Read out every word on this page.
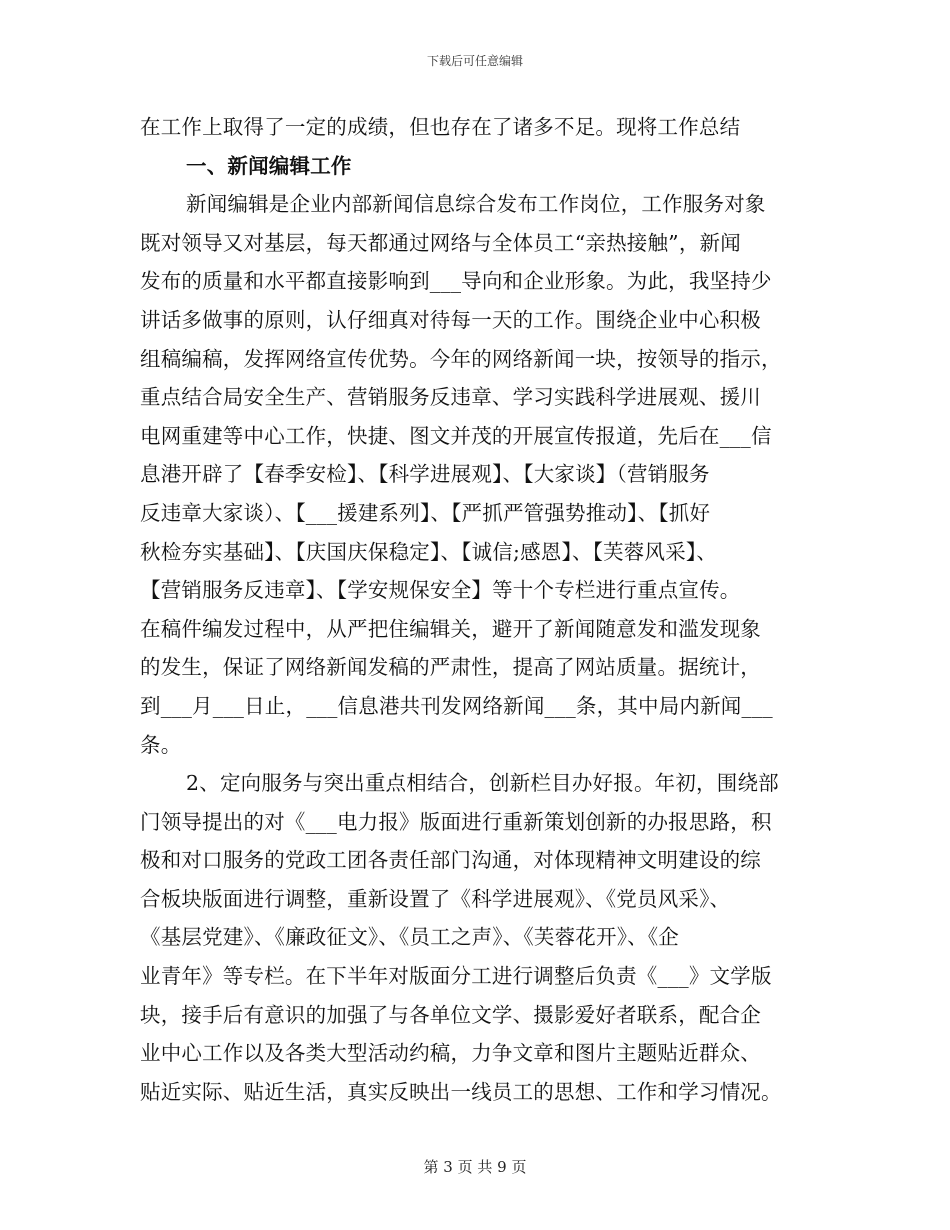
下载后可任意编辑
在工作上取得了一定的成绩，但也存在了诸多不足。现将工作总结
一、新闻编辑工作
新闻编辑是企业内部新闻信息综合发布工作岗位，工作服务对象
既对领导又对基层，每天都通过网络与全体员工“亲热接触”，新闻
发布的质量和水平都直接影响到___导向和企业形象。为此，我坚持少
讲话多做事的原则，认仔细真对待每一天的工作。围绕企业中心积极
组稿编稿，发挥网络宣传优势。今年的网络新闻一块，按领导的指示，
重点结合局安全生产、营销服务反违章、学习实践科学进展观、援川
电网重建等中心工作，快捷、图文并茂的开展宣传报道，先后在___信
息港开辟了【春季安检】、【科学进展观】、【大家谈】（营销服务
反违章大家谈）、【___援建系列】、【严抓严管强势推动】、【抓好
秋检夯实基础】、【庆国庆保稳定】、【诚信;感恩】、【芙蓉风采】、
【营销服务反违章】、【学安规保安全】等十个专栏进行重点宣传。
在稿件编发过程中，从严把住编辑关，避开了新闻随意发和滥发现象
的发生，保证了网络新闻发稿的严肃性，提高了网站质量。据统计，
到___月___日止，___信息港共刊发网络新闻___条，其中局内新闻___
条。
2、定向服务与突出重点相结合，创新栏目办好报。年初，围绕部
门领导提出的对《___电力报》版面进行重新策划创新的办报思路，积
极和对口服务的党政工团各责任部门沟通，对体现精神文明建设的综
合板块版面进行调整，重新设置了《科学进展观》、《党员风采》、
《基层党建》、《廉政征文》、《员工之声》、《芙蓉花开》、《企
业青年》等专栏。在下半年对版面分工进行调整后负责《___》文学版
块，接手后有意识的加强了与各单位文学、摄影爱好者联系，配合企
业中心工作以及各类大型活动约稿，力争文章和图片主题贴近群众、
贴近实际、贴近生活，真实反映出一线员工的思想、工作和学习情况。
第 3 页 共 9 页
